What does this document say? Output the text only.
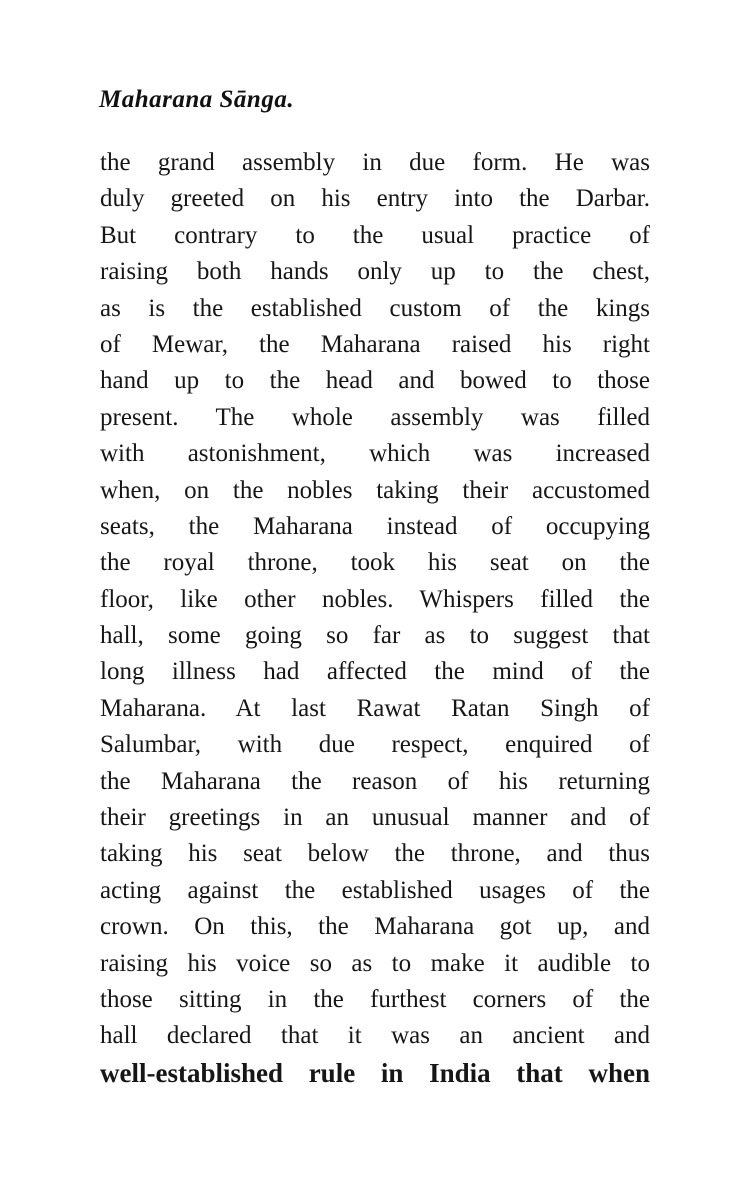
Maharana Sānga.
the grand assembly in due form. He was
duly greeted on his entry into the Darbar.
But contrary to the usual practice of
raising both hands only up to the chest,
as is the established custom of the kings
of Mewar, the Maharana raised his right
hand up to the head and bowed to those
present. The whole assembly was filled
with astonishment, which was increased
when, on the nobles taking their accustomed
seats, the Maharana instead of occupying
the royal throne, took his seat on the
floor, like other nobles. Whispers filled the
hall, some going so far as to suggest that
long illness had affected the mind of the
Maharana. At last Rawat Ratan Singh of
Salumbar, with due respect, enquired of
the Maharana the reason of his returning
their greetings in an unusual manner and of
taking his seat below the throne, and thus
acting against the established usages of the
crown. On this, the Maharana got up, and
raising his voice so as to make it audible to
those sitting in the furthest corners of the
hall declared that it was an ancient and
well-established rule in India that when
